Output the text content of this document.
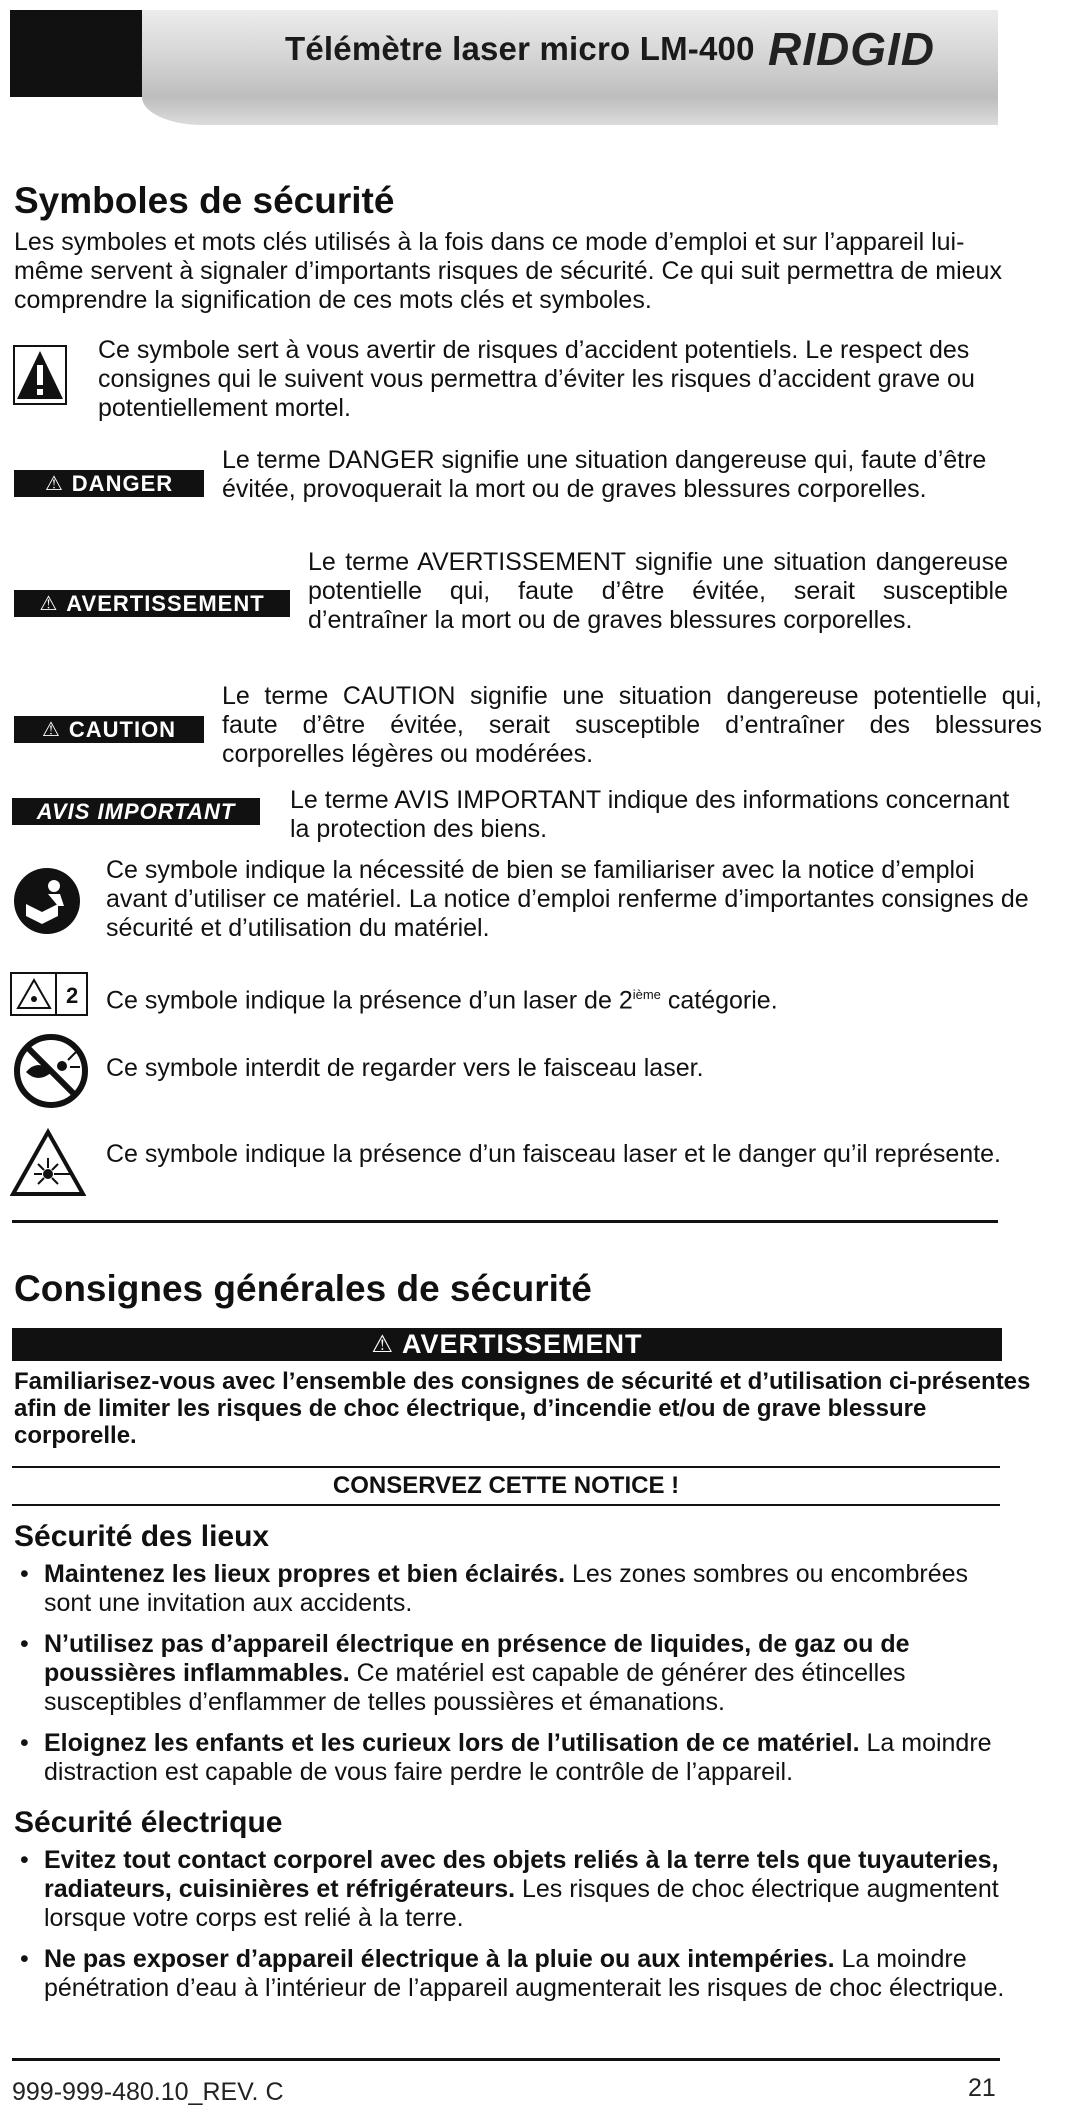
Télémètre laser micro LM-400 RIDGID
Symboles de sécurité
Les symboles et mots clés utilisés à la fois dans ce mode d’emploi et sur l’appareil lui-même servent à signaler d’importants risques de sécurité. Ce qui suit permettra de mieux comprendre la signification de ces mots clés et symboles.
Ce symbole sert à vous avertir de risques d’accident potentiels. Le respect des consignes qui le suivent vous permettra d’éviter les risques d’accident grave ou potentiellement mortel.
⚠ DANGER
Le terme DANGER signifie une situation dangereuse qui, faute d’être évitée, provoquerait la mort ou de graves blessures corporelles.
⚠ AVERTISSEMENT
Le terme AVERTISSEMENT signifie une situation dangereuse potentielle qui, faute d’être évitée, serait susceptible d’entraîner la mort ou de graves blessures corporelles.
⚠ CAUTION
Le terme CAUTION signifie une situation dangereuse potentielle qui, faute d’être évitée, serait susceptible d’entraîner des blessures corporelles légères ou modérées.
AVIS IMPORTANT Le terme AVIS IMPORTANT indique des informations concernant la protection des biens.
Ce symbole indique la nécessité de bien se familiariser avec la notice d’emploi avant d’utiliser ce matériel. La notice d’emploi renferme d’importantes consignes de sécurité et d’utilisation du matériel.
2 Ce symbole indique la présence d’un laser de 2ième catégorie.
Ce symbole interdit de regarder vers le faisceau laser.
Ce symbole indique la présence d’un faisceau laser et le danger qu’il représente.
Consignes générales de sécurité
⚠ AVERTISSEMENT
Familiarisez-vous avec l’ensemble des consignes de sécurité et d’utilisation ci-présentes afin de limiter les risques de choc électrique, d’incendie et/ou de grave blessure corporelle.
CONSERVEZ CETTE NOTICE !
Sécurité des lieux
• Maintenez les lieux propres et bien éclairés. Les zones sombres ou encombrées sont une invitation aux accidents.
• N’utilisez pas d’appareil électrique en présence de liquides, de gaz ou de poussières inflammables. Ce matériel est capable de générer des étincelles susceptibles d’enflammer de telles poussières et émanations.
• Eloignez les enfants et les curieux lors de l’utilisation de ce matériel. La moindre distraction est capable de vous faire perdre le contrôle de l’appareil.
Sécurité électrique
• Evitez tout contact corporel avec des objets reliés à la terre tels que tuyauteries, radiateurs, cuisinières et réfrigérateurs. Les risques de choc électrique augmentent lorsque votre corps est relié à la terre.
• Ne pas exposer d’appareil électrique à la pluie ou aux intempéries. La moindre pénétration d’eau à l’intérieur de l’appareil augmenterait les risques de choc électrique.
999-999-480.10_REV. C	21
